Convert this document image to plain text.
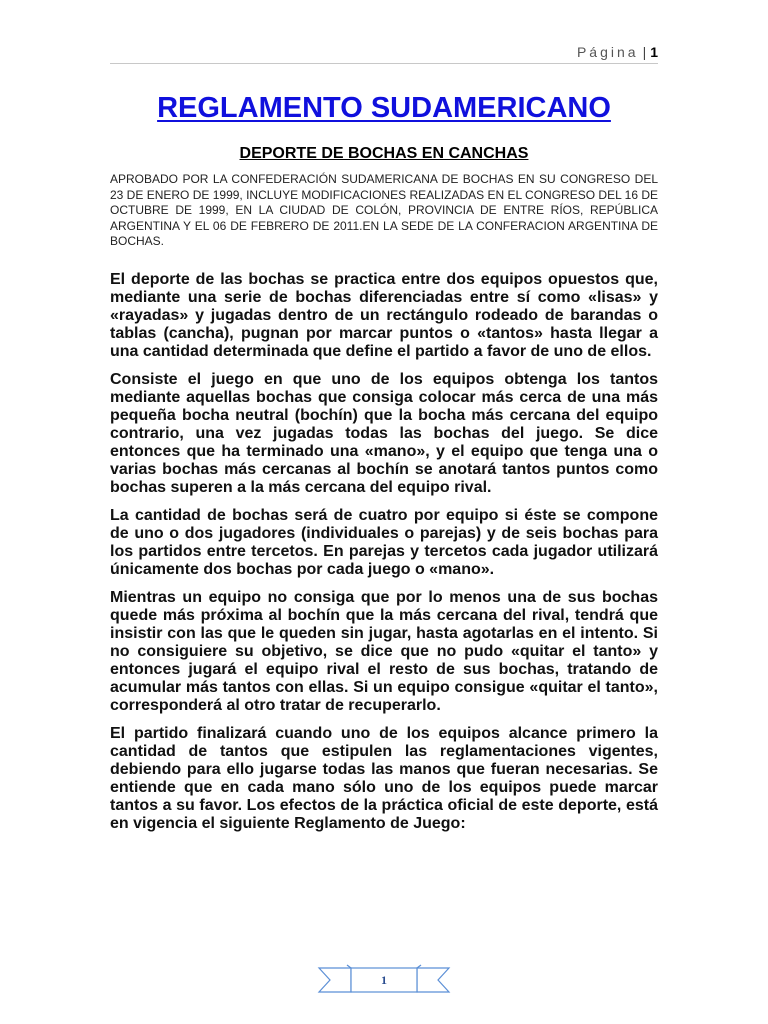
Página | 1
REGLAMENTO SUDAMERICANO
DEPORTE DE BOCHAS EN CANCHAS

APROBADO POR LA CONFEDERACIÓN SUDAMERICANA DE BOCHAS EN SU CONGRESO DEL 23 DE ENERO DE 1999, INCLUYE MODIFICACIONES REALIZADAS EN EL CONGRESO DEL 16 DE OCTUBRE DE 1999, EN LA CIUDAD DE COLÓN, PROVINCIA DE ENTRE RÍOS, REPÚBLICA ARGENTINA Y EL 06 DE FEBRERO DE 2011.EN LA SEDE DE LA CONFERACION ARGENTINA DE BOCHAS.

El deporte de las bochas se practica entre dos equipos opuestos que, mediante una serie de bochas diferenciadas entre sí como «lisas» y «rayadas» y jugadas dentro de un rectángulo rodeado de barandas o tablas (cancha), pugnan por marcar puntos o «tantos» hasta llegar a una cantidad determinada que define el partido a favor de uno de ellos.

Consiste el juego en que uno de los equipos obtenga los tantos mediante aquellas bochas que consiga colocar más cerca de una más pequeña bocha neutral (bochín) que la bocha más cercana del equipo contrario, una vez jugadas todas las bochas del juego. Se dice entonces que ha terminado una «mano», y el equipo que tenga una o varias bochas más cercanas al bochín se anotará tantos puntos como bochas superen a la más cercana del equipo rival.

La cantidad de bochas será de cuatro por equipo si éste se compone de uno o dos jugadores (individuales o parejas) y de seis bochas para los partidos entre tercetos. En parejas y tercetos cada jugador utilizará únicamente dos bochas por cada juego o «mano».

Mientras un equipo no consiga que por lo menos una de sus bochas quede más próxima al bochín que la más cercana del rival, tendrá que insistir con las que le queden sin jugar, hasta agotarlas en el intento. Si no consiguiere su objetivo, se dice que no pudo «quitar el tanto» y entonces jugará el equipo rival el resto de sus bochas, tratando de acumular más tantos con ellas. Si un equipo consigue «quitar el tanto», corresponderá al otro tratar de recuperarlo.

El partido finalizará cuando uno de los equipos alcance primero la cantidad de tantos que estipulen las reglamentaciones vigentes, debiendo para ello jugarse todas las manos que fueran necesarias. Se entiende que en cada mano sólo uno de los equipos puede marcar tantos a su favor. Los efectos de la práctica oficial de este deporte, está en vigencia el siguiente Reglamento de Juego:

1
